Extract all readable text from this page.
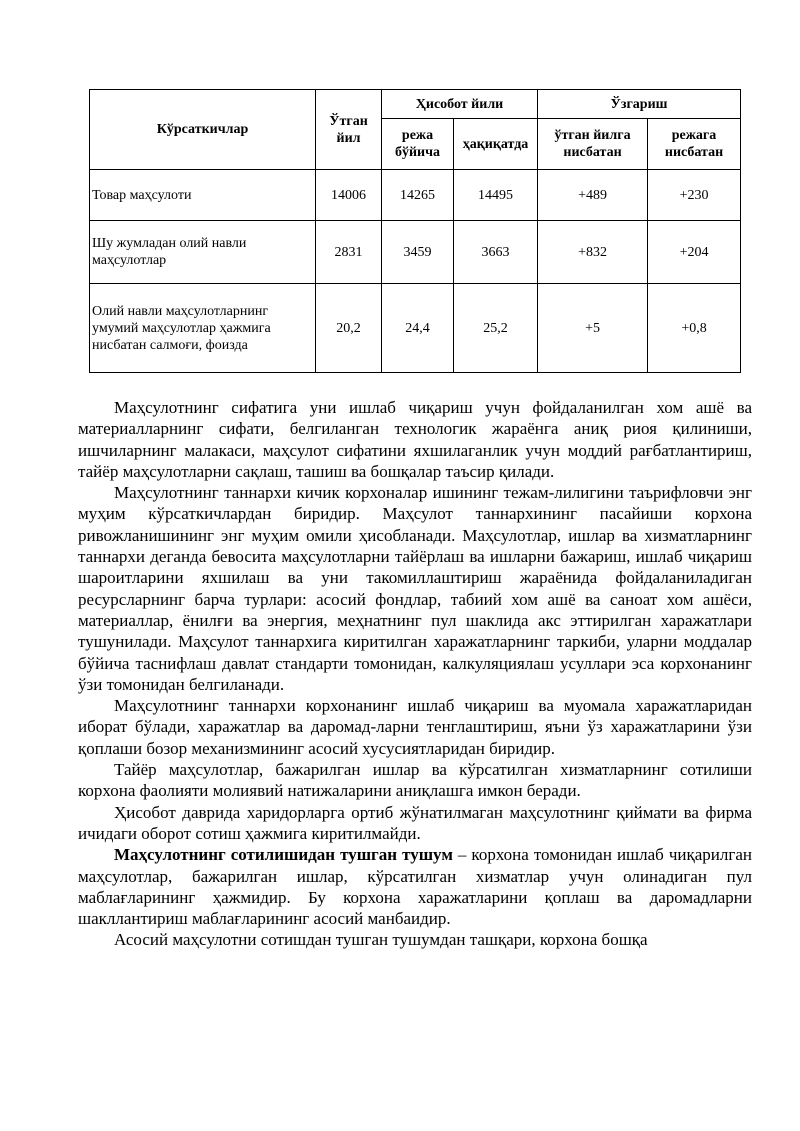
Кўрсаткичлар	Ўтган йил	Ҳисобот йили		Ўзгариш	
		режа бўйича	ҳақиқатда	ўтган йилга нисбатан	режага нисбатан
Товар маҳсулоти	14006	14265	14495	+489	+230
Шу жумладан олий навли маҳсулотлар	2831	3459	3663	+832	+204
Олий навли маҳсулотларнинг умумий маҳсулотлар ҳажмига нисбатан салмоғи, фоизда	20,2	24,4	25,2	+5	+0,8

Маҳсулотнинг сифатига уни ишлаб чиқариш учун фойдаланилган хом ашё ва материалларнинг сифати, белгиланган технологик жараёнга аниқ риоя қилиниши, ишчиларнинг малакаси, маҳсулот сифатини яхшилаганлик учун моддий рағбатлантириш, тайёр маҳсулотларни сақлаш, ташиш ва бошқалар таъсир қилади.

Маҳсулотнинг таннархи кичик корхоналар ишининг тежам-лилигини таърифловчи энг муҳим кўрсаткичлардан биридир. Маҳсулот таннархининг пасайиши корхона ривожланишининг энг муҳим омили ҳисобланади. Маҳсулотлар, ишлар ва хизматларнинг таннархи деганда бевосита маҳсулотларни тайёрлаш ва ишларни бажариш, ишлаб чиқариш шароитларини яхшилаш ва уни такомиллаштириш жараёнида фойдаланиладиган ресурсларнинг барча турлари: асосий фондлар, табиий хом ашё ва саноат хом ашёси, материаллар, ёнилғи ва энергия, меҳнатнинг пул шаклида акс эттирилган харажатлари тушунилади. Маҳсулот таннархига киритилган харажатларнинг таркиби, уларни моддалар бўйича таснифлаш давлат стандарти томонидан, калкуляциялаш усуллари эса корхонанинг ўзи томонидан белгиланади.

Маҳсулотнинг таннархи корхонанинг ишлаб чиқариш ва муомала харажатларидан иборат бўлади, харажатлар ва даромад-ларни тенглаштириш, яъни ўз харажатларини ўзи қоплаши бозор механизмининг асосий хусусиятларидан биридир.

Тайёр маҳсулотлар, бажарилган ишлар ва кўрсатилган хизматларнинг сотилиши корхона фаолияти молиявий натижаларини аниқлашга имкон беради.

Ҳисобот даврида харидорларга ортиб жўнатилмаган маҳсулотнинг қиймати ва фирма ичидаги оборот сотиш ҳажмига киритилмайди.

Маҳсулотнинг сотилишидан тушган тушум – корхона томонидан ишлаб чиқарилган маҳсулотлар, бажарилган ишлар, кўрсатилган хизматлар учун олинадиган пул маблағларининг ҳажмидир. Бу корхона харажатларини қоплаш ва даромадларни шакллантириш маблағларининг асосий манбаидир.

Асосий маҳсулотни сотишдан тушган тушумдан ташқари, корхона бошқа
